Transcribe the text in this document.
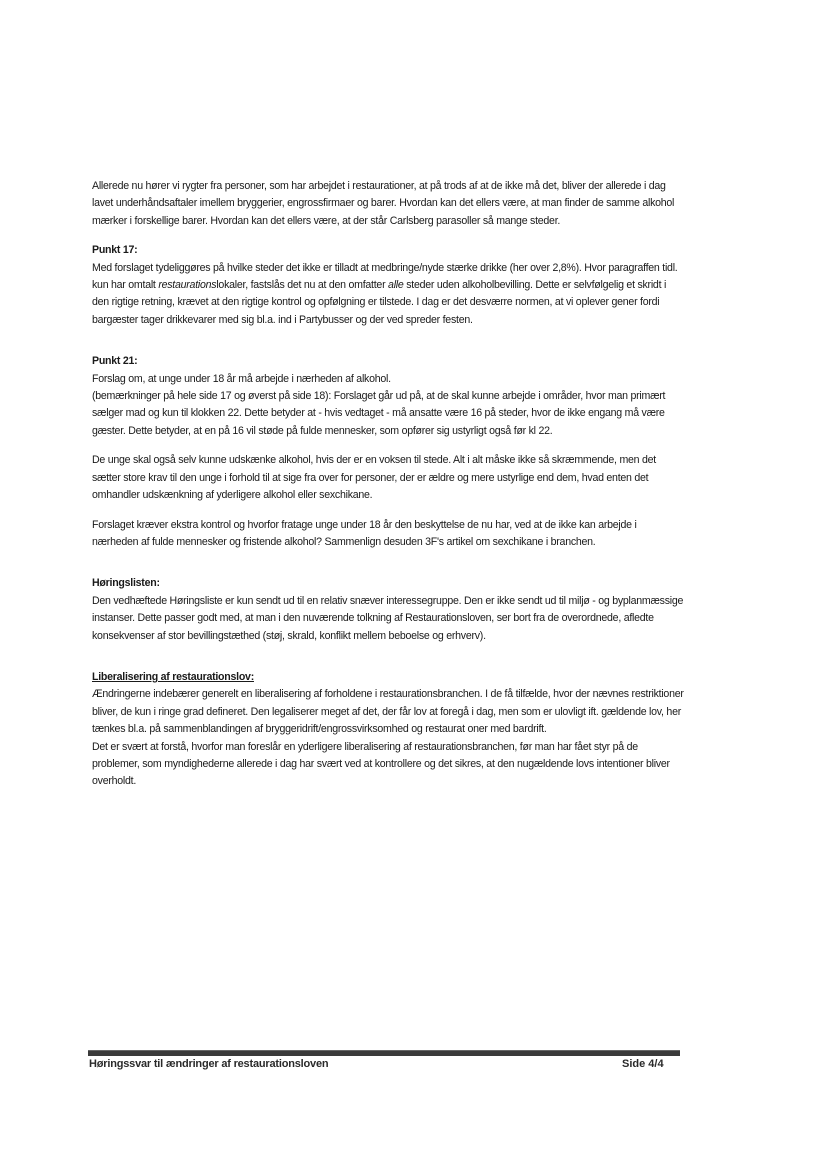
Allerede nu hører vi rygter fra personer, som har arbejdet i restaurationer, at på trods af at de ikke må det, bliver der allerede i dag lavet underhåndsaftaler imellem bryggerier, engrossfirmaer og barer. Hvordan kan det ellers være, at man finder de samme alkohol mærker i forskellige barer. Hvordan kan det ellers være, at der står Carlsberg parasoller så mange steder.

Punkt 17:

Med forslaget tydeliggøres på hvilke steder det ikke er tilladt at medbringe/nyde stærke drikke (her over 2,8%). Hvor paragraffen tidl. kun har omtalt restaurationslokaler, fastslås det nu at den omfatter alle steder uden alkoholbevilling. Dette er selvfølgelig et skridt i den rigtige retning, krævet at den rigtige kontrol og opfølgning er tilstede. I dag er det desværre normen, at vi oplever gener fordi bargæster tager drikkevarer med sig bl.a. ind i Partybusser og der ved spreder festen.

Punkt 21:

Forslag om, at unge under 18 år må arbejde i nærheden af alkohol.

(bemærkninger på hele side 17 og øverst på side 18): Forslaget går ud på, at de skal kunne arbejde i områder, hvor man primært sælger mad og kun til klokken 22. Dette betyder at - hvis vedtaget - må ansatte være 16 på steder, hvor de ikke engang må være gæster. Dette betyder, at en på 16 vil støde på fulde mennesker, som opfører sig ustyrligt også før kl 22.

De unge skal også selv kunne udskænke alkohol, hvis der er en voksen til stede. Alt i alt måske ikke så skræmmende, men det sætter store krav til den unge i forhold til at sige fra over for personer, der er ældre og mere ustyrlige end dem, hvad enten det omhandler udskænkning af yderligere alkohol eller sexchikane.

Forslaget kræver ekstra kontrol og hvorfor fratage unge under 18 år den beskyttelse de nu har, ved at de ikke kan arbejde i nærheden af fulde mennesker og fristende alkohol? Sammenlign desuden 3F's artikel om sexchikane i branchen.

Høringslisten:

Den vedhæftede Høringsliste er kun sendt ud til en relativ snæver interessegruppe. Den er ikke sendt ud til miljø - og byplanmæssige instanser. Dette passer godt med, at man i den nuværende tolkning af Restaurationsloven, ser bort fra de overordnede, afledte konsekvenser af stor bevillingstæthed (støj, skrald, konflikt mellem beboelse og erhverv).

Liberalisering af restaurationslov:

Ændringerne indebærer generelt en liberalisering af forholdene i restaurationsbranchen. I de få tilfælde, hvor der nævnes restriktioner bliver, de kun i ringe grad defineret. Den legaliserer meget af det, der får lov at foregå i dag, men som er ulovligt ift. gældende lov, her tænkes bl.a. på sammenblandingen af bryggeridrift/engrossvirksomhed og restaurat oner med bardrift.

Det er svært at forstå, hvorfor man foreslår en yderligere liberalisering af restaurationsbranchen, før man har fået styr på de problemer, som myndighederne allerede i dag har svært ved at kontrollere og det sikres, at den nugældende lovs intentioner bliver overholdt.

Høringssvar til ændringer af restaurationsloven	Side 4/4
